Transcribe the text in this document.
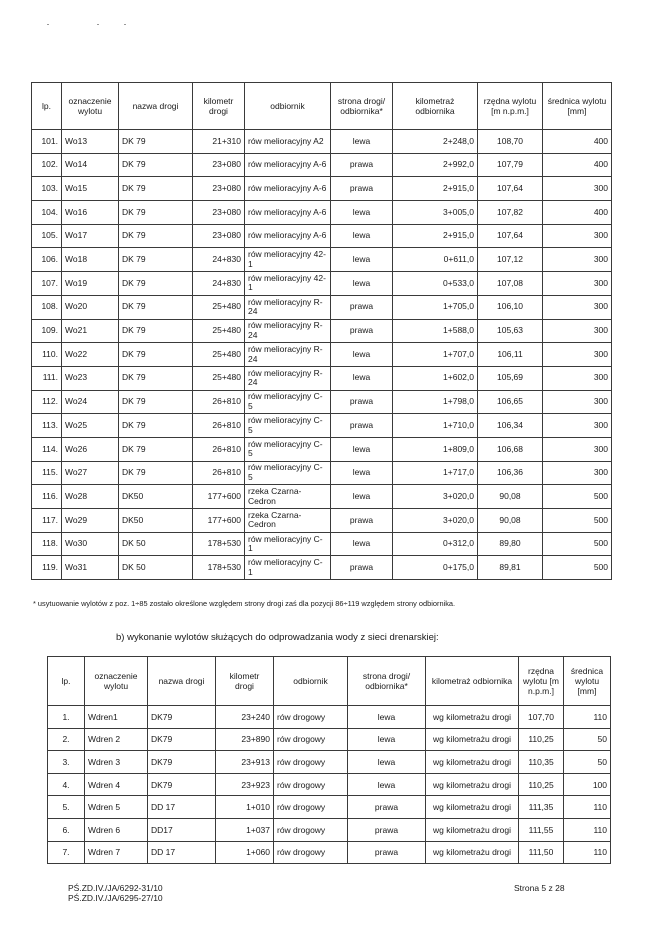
lp.	oznaczenie wylotu	nazwa drogi	kilometr drogi	odbiornik	strona drogi/ odbiornika*	kilometraż odbiornika	rzędna wylotu [m n.p.m.]	średnica wylotu [mm]
101.	Wo13	DK 79	21+310	rów melioracyjny A2	lewa	2+248,0	108,70	400
102.	Wo14	DK 79	23+080	rów melioracyjny A-6	prawa	2+992,0	107,79	400
103.	Wo15	DK 79	23+080	rów melioracyjny A-6	prawa	2+915,0	107,64	300
104.	Wo16	DK 79	23+080	rów melioracyjny A-6	lewa	3+005,0	107,82	400
105.	Wo17	DK 79	23+080	rów melioracyjny A-6	lewa	2+915,0	107,64	300
106.	Wo18	DK 79	24+830	rów melioracyjny 42-1	lewa	0+611,0	107,12	300
107.	Wo19	DK 79	24+830	rów melioracyjny 42-1	lewa	0+533,0	107,08	300
108.	Wo20	DK 79	25+480	rów melioracyjny R-24	prawa	1+705,0	106,10	300
109.	Wo21	DK 79	25+480	rów melioracyjny R-24	prawa	1+588,0	105,63	300
110.	Wo22	DK 79	25+480	rów melioracyjny R-24	lewa	1+707,0	106,11	300
111.	Wo23	DK 79	25+480	rów melioracyjny R-24	lewa	1+602,0	105,69	300
112.	Wo24	DK 79	26+810	rów melioracyjny C-5	prawa	1+798,0	106,65	300
113.	Wo25	DK 79	26+810	rów melioracyjny C-5	prawa	1+710,0	106,34	300
114.	Wo26	DK 79	26+810	rów melioracyjny C-5	lewa	1+809,0	106,68	300
115.	Wo27	DK 79	26+810	rów melioracyjny C-5	lewa	1+717,0	106,36	300
116.	Wo28	DK50	177+600	rzeka Czarna-Cedron	lewa	3+020,0	90,08	500
117.	Wo29	DK50	177+600	rzeka Czarna-Cedron	prawa	3+020,0	90,08	500
118.	Wo30	DK 50	178+530	rów melioracyjny C-1	lewa	0+312,0	89,80	500
119.	Wo31	DK 50	178+530	rów melioracyjny C-1	prawa	0+175,0	89,81	500
* usytuowanie wylotów z poz. 1÷85 zostało określone względem strony drogi zaś dla pozycji 86÷119 względem strony odbiornika.
b) wykonanie wylotów służących do odprowadzania wody z sieci drenarskiej:
lp.	oznaczenie wylotu	nazwa drogi	kilometr drogi	odbiornik	strona drogi/ odbiornika*	kilometraż odbiornika	rzędna wylotu [m n.p.m.]	średnica wylotu [mm]
1.	Wdren1	DK79	23+240	rów drogowy	lewa	wg kilometrażu drogi	107,70	110
2.	Wdren 2	DK79	23+890	rów drogowy	lewa	wg kilometrażu drogi	110,25	50
3.	Wdren 3	DK79	23+913	rów drogowy	lewa	wg kilometrażu drogi	110,35	50
4.	Wdren 4	DK79	23+923	rów drogowy	lewa	wg kilometrażu drogi	110,25	100
5.	Wdren 5	DD 17	1+010	rów drogowy	prawa	wg kilometrażu drogi	111,35	110
6.	Wdren 6	DD17	1+037	rów drogowy	prawa	wg kilometrażu drogi	111,55	110
7.	Wdren 7	DD 17	1+060	rów drogowy	prawa	wg kilometrażu drogi	111,50	110
PŚ.ZD.IV./JA/6292-31/10
PŚ.ZD.IV./JA/6295-27/10
Strona 5 z 28
